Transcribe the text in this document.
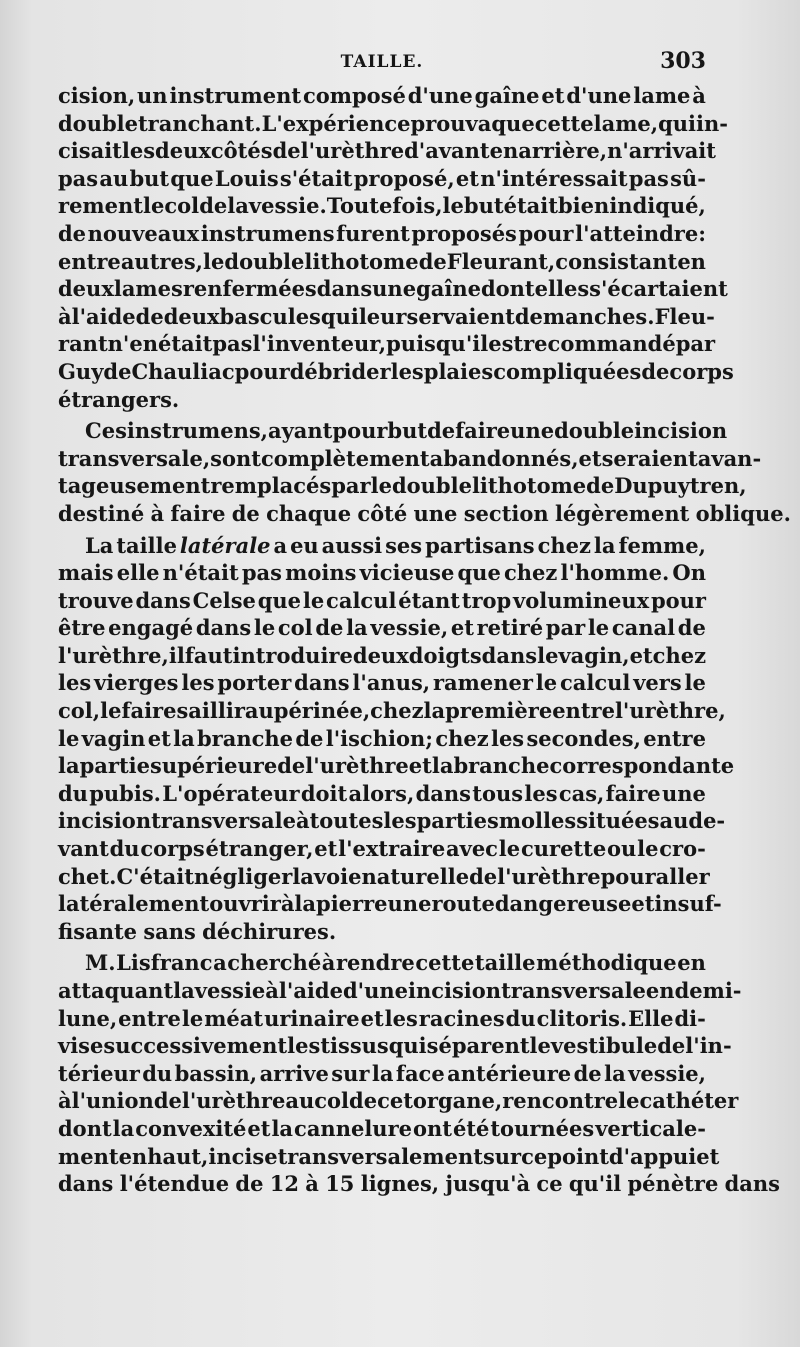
TAILLE.	303
cision, un instrument composé d'une gaîne et d'une lame à
double tranchant. L'expérience prouva que cette lame, qui in-
cisait les deux côtés de l'urèthre d'avant en arrière, n'arrivait
pas au but que Louis s'était proposé, et n'intéressait pas sû-
rement le col de la vessie. Toutefois, le but était bien indiqué,
de nouveaux instrumens furent proposés pour l'atteindre:
entre autres, le double lithotome de Fleurant, consistant en
deux lames renfermées dans une gaîne dont elles s'écartaient
à l'aide de deux bascules qui leur servaient de manches. Fleu-
rant n'en était pas l'inventeur, puisqu'il est recommandé par
Guy de Chauliac pour débrider les plaies compliquées de corps
étrangers.
Ces instrumens, ayant pour but de faire une double incision
transversale, sont complètement abandonnés, et seraient avan-
tageusement remplacés par le double lithotome de Dupuytren,
destiné à faire de chaque côté une section légèrement oblique.
La taille latérale a eu aussi ses partisans chez la femme,
mais elle n'était pas moins vicieuse que chez l'homme. On
trouve dans Celse que le calcul étant trop volumineux pour
être engagé dans le col de la vessie, et retiré par le canal de
l'urèthre, il faut introduire deux doigts dans le vagin, et chez
les vierges les porter dans l'anus, ramener le calcul vers le
col, le faire saillir au périnée, chez la première entre l'urèthre,
le vagin et la branche de l'ischion; chez les secondes, entre
la partie supérieure de l'urèthre et la branche correspondante
du pubis. L'opérateur doit alors, dans tous les cas, faire une
incision transversale à toutes les parties molles situées au de-
vant du corps étranger, et l'extraire avec le curette ou le cro-
chet. C'était négliger la voie naturelle de l'urèthre pour aller
latéralement ouvrir à la pierre une route dangereuse et insuf-
fisante sans déchirures.
M. Lisfranc a cherché à rendre cette taille méthodique en
attaquant la vessie à l'aide d'une incision transversale en demi-
lune, entre le méat urinaire et les racines du clitoris. Elle di-
vise successivement les tissus qui séparent le vestibule de l'in-
térieur du bassin, arrive sur la face antérieure de la vessie,
à l'union de l'urèthre au col de cet organe, rencontre le cathéter
dont la convexité et la cannelure ont été tournées verticale-
ment en haut, incise transversalement sur ce point d'appui et
dans l'étendue de 12 à 15 lignes, jusqu'à ce qu'il pénètre dans
